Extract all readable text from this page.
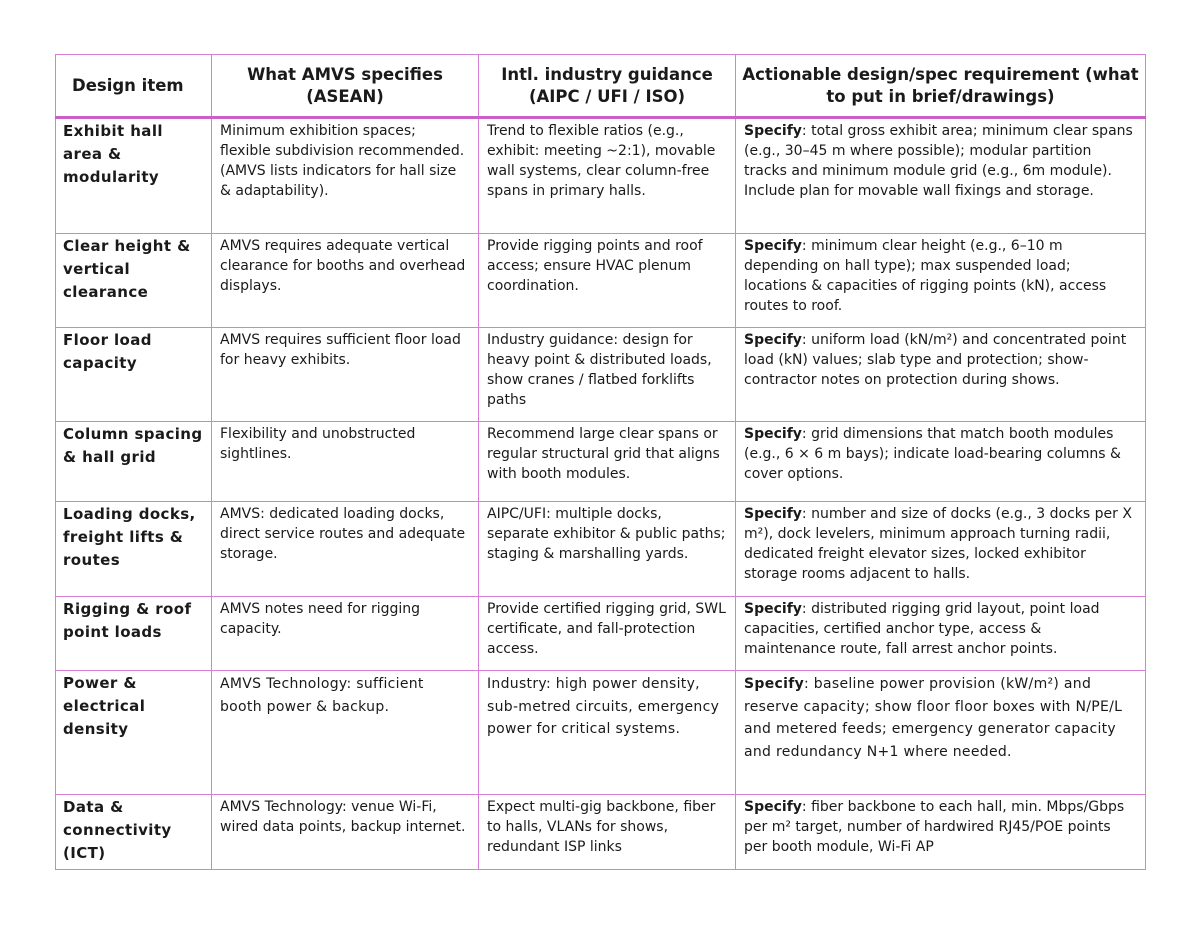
Design item	What AMVS specifies (ASEAN)	Intl. industry guidance (AIPC / UFI / ISO)	Actionable design/spec requirement (what to put in brief/drawings)
Exhibit hall area & modularity	Minimum exhibition spaces; flexible subdivision recommended. (AMVS lists indicators for hall size & adaptability).	Trend to flexible ratios (e.g., exhibit: meeting ~2:1), movable wall systems, clear column-free spans in primary halls.	Specify: total gross exhibit area; minimum clear spans (e.g., 30–45 m where possible); modular partition tracks and minimum module grid (e.g., 6m module). Include plan for movable wall fixings and storage.
Clear height & vertical clearance	AMVS requires adequate vertical clearance for booths and overhead displays.	Provide rigging points and roof access; ensure HVAC plenum coordination.	Specify: minimum clear height (e.g., 6–10 m depending on hall type); max suspended load; locations & capacities of rigging points (kN), access routes to roof.
Floor load capacity	AMVS requires sufficient floor load for heavy exhibits.	Industry guidance: design for heavy point & distributed loads, show cranes / flatbed forklifts paths	Specify: uniform load (kN/m²) and concentrated point load (kN) values; slab type and protection; show-contractor notes on protection during shows.
Column spacing & hall grid	Flexibility and unobstructed sightlines.	Recommend large clear spans or regular structural grid that aligns with booth modules.	Specify: grid dimensions that match booth modules (e.g., 6 × 6 m bays); indicate load-bearing columns & cover options.
Loading docks, freight lifts & routes	AMVS: dedicated loading docks, direct service routes and adequate storage.	AIPC/UFI: multiple docks, separate exhibitor & public paths; staging & marshalling yards.	Specify: number and size of docks (e.g., 3 docks per X m²), dock levelers, minimum approach turning radii, dedicated freight elevator sizes, locked exhibitor storage rooms adjacent to halls.
Rigging & roof point loads	AMVS notes need for rigging capacity.	Provide certified rigging grid, SWL certificate, and fall-protection access.	Specify: distributed rigging grid layout, point load capacities, certified anchor type, access & maintenance route, fall arrest anchor points.
Power & electrical density	AMVS Technology: sufficient booth power & backup.	Industry: high power density, sub-metred circuits, emergency power for critical systems.	Specify: baseline power provision (kW/m²) and reserve capacity; show floor floor boxes with N/PE/L and metered feeds; emergency generator capacity and redundancy N+1 where needed.
Data & connectivity (ICT)	AMVS Technology: venue Wi-Fi, wired data points, backup internet.	Expect multi-gig backbone, fiber to halls, VLANs for shows, redundant ISP links	Specify: fiber backbone to each hall, min. Mbps/Gbps per m² target, number of hardwired RJ45/POE points per booth module, Wi-Fi AP
